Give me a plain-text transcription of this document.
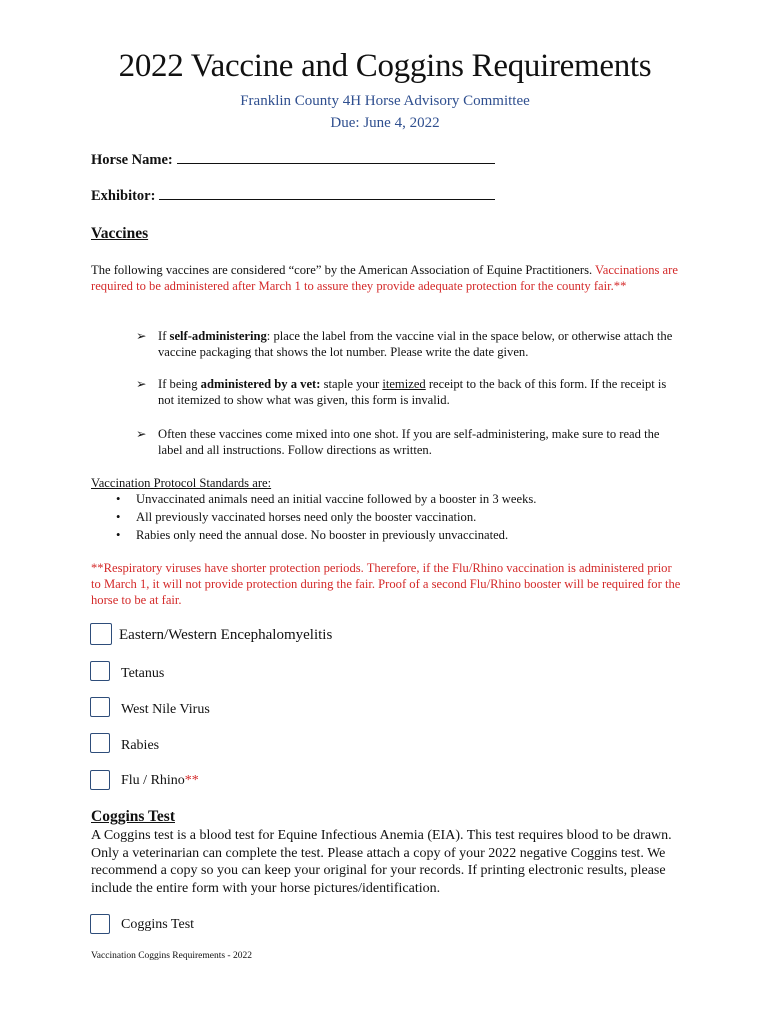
2022 Vaccine and Coggins Requirements
Franklin County 4H Horse Advisory Committee
Due: June 4, 2022
Horse Name:
Exhibitor:
Vaccines
The following vaccines are considered “core” by the American Association of Equine Practitioners. Vaccinations are required to be administered after March 1 to assure they provide adequate protection for the county fair.**
➢ If self-administering: place the label from the vaccine vial in the space below, or otherwise attach the vaccine packaging that shows the lot number. Please write the date given.
➢ If being administered by a vet: staple your itemized receipt to the back of this form. If the receipt is not itemized to show what was given, this form is invalid.
➢ Often these vaccines come mixed into one shot. If you are self-administering, make sure to read the label and all instructions. Follow directions as written.
Vaccination Protocol Standards are:
• Unvaccinated animals need an initial vaccine followed by a booster in 3 weeks.
• All previously vaccinated horses need only the booster vaccination.
• Rabies only need the annual dose. No booster in previously unvaccinated.
**Respiratory viruses have shorter protection periods. Therefore, if the Flu/Rhino vaccination is administered prior to March 1, it will not provide protection during the fair. Proof of a second Flu/Rhino booster will be required for the horse to be at fair.
Eastern/Western Encephalomyelitis
Tetanus
West Nile Virus
Rabies
Flu / Rhino**
Coggins Test
A Coggins test is a blood test for Equine Infectious Anemia (EIA). This test requires blood to be drawn. Only a veterinarian can complete the test. Please attach a copy of your 2022 negative Coggins test. We recommend a copy so you can keep your original for your records. If printing electronic results, please include the entire form with your horse pictures/identification.
Coggins Test
Vaccination Coggins Requirements - 2022
